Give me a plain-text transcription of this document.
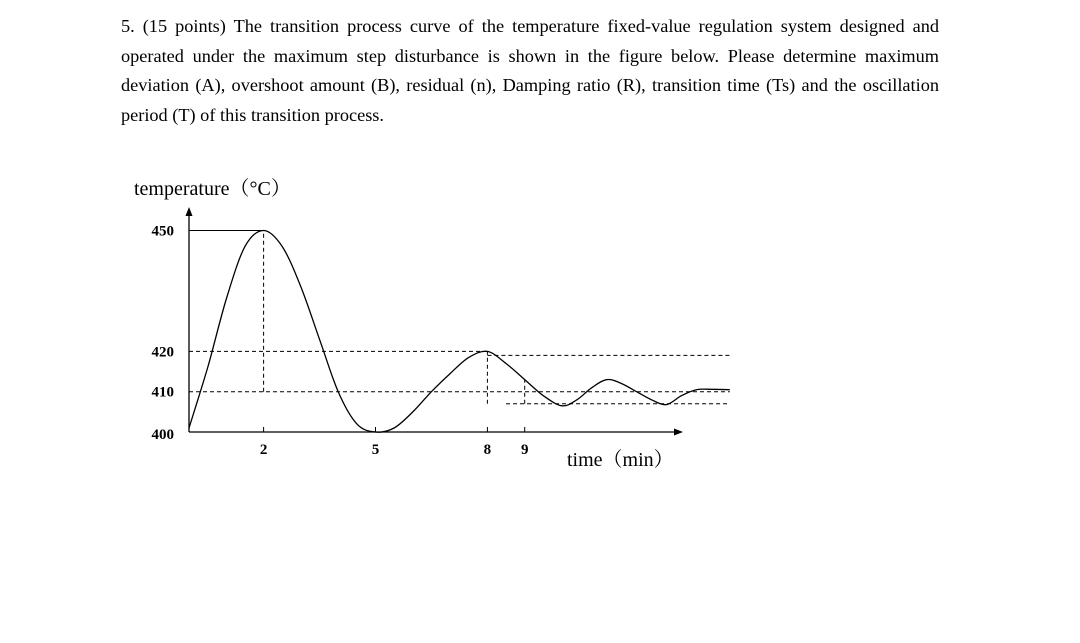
5. (15 points) The transition process curve of the temperature fixed-value regulation system designed and operated under the maximum step disturbance is shown in the figure below. Please determine maximum deviation (A), overshoot amount (B), residual (n), Damping ratio (R), transition time (Ts) and the oscillation period (T) of this transition process.
temperature（°C）
time（min）
450
420
410
400
2	5	8 9
